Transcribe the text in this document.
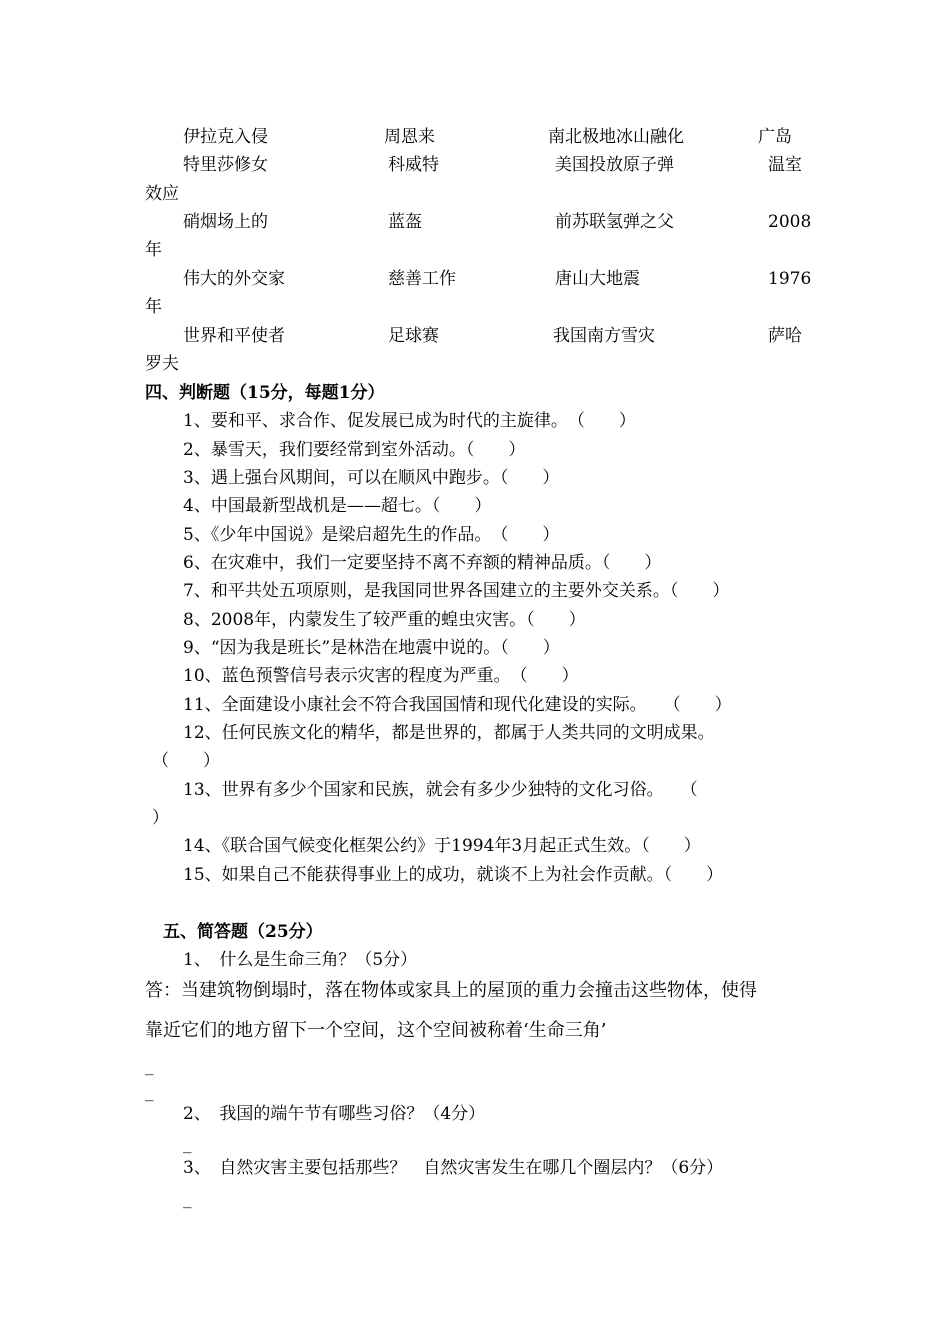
伊拉克入侵	周恩来	南北极地冰山融化	广岛
特里莎修女	科威特	美国投放原子弹	温室
效应
硝烟场上的	蓝盔	前苏联氢弹之父	2008
年
伟大的外交家	慈善工作	唐山大地震	1976
年
世界和平使者	足球赛	我国南方雪灾	萨哈
罗夫
四、判断题（15分，每题1分）
1、要和平、求合作、促发展已成为时代的主旋律。　（　　）
2、暴雪天，我们要经常到室外活动。（　　）
3、遇上强台风期间，可以在顺风中跑步。（　　）
4、中国最新型战机是——超七。（　　）
5、《少年中国说》是梁启超先生的作品。　（　　）
6、在灾难中，我们一定要坚持不离不弃额的精神品质。（　　）
7、和平共处五项原则，是我国同世界各国建立的主要外交关系。（　　）
8、2008年，内蒙发生了较严重的蝗虫灾害。（　　）
9、“因为我是班长”是林浩在地震中说的。（　　）
10、蓝色预警信号表示灾害的程度为严重。　（　　）
11、全面建设小康社会不符合我国国情和现代化建设的实际。　　（　　）
12、任何民族文化的精华，都是世界的，都属于人类共同的文明成果。
（　　）
13、世界有多少个国家和民族，就会有多少少独特的文化习俗。　　（
）
14、《联合国气候变化框架公约》于1994年3月起正式生效。（　　）
15、如果自己不能获得事业上的成功，就谈不上为社会作贡献。（　　）
五、简答题（25分）
1、　什么是生命三角？（5分）
答：当建筑物倒塌时，落在物体或家具上的屋顶的重力会撞击这些物体，使得
靠近它们的地方留下一个空间，这个空间被称着‘生命三角’
_
_
2、　我国的端午节有哪些习俗？（4分）
_
3、　自然灾害主要包括那些？　自然灾害发生在哪几个圈层内？（6分）
_
